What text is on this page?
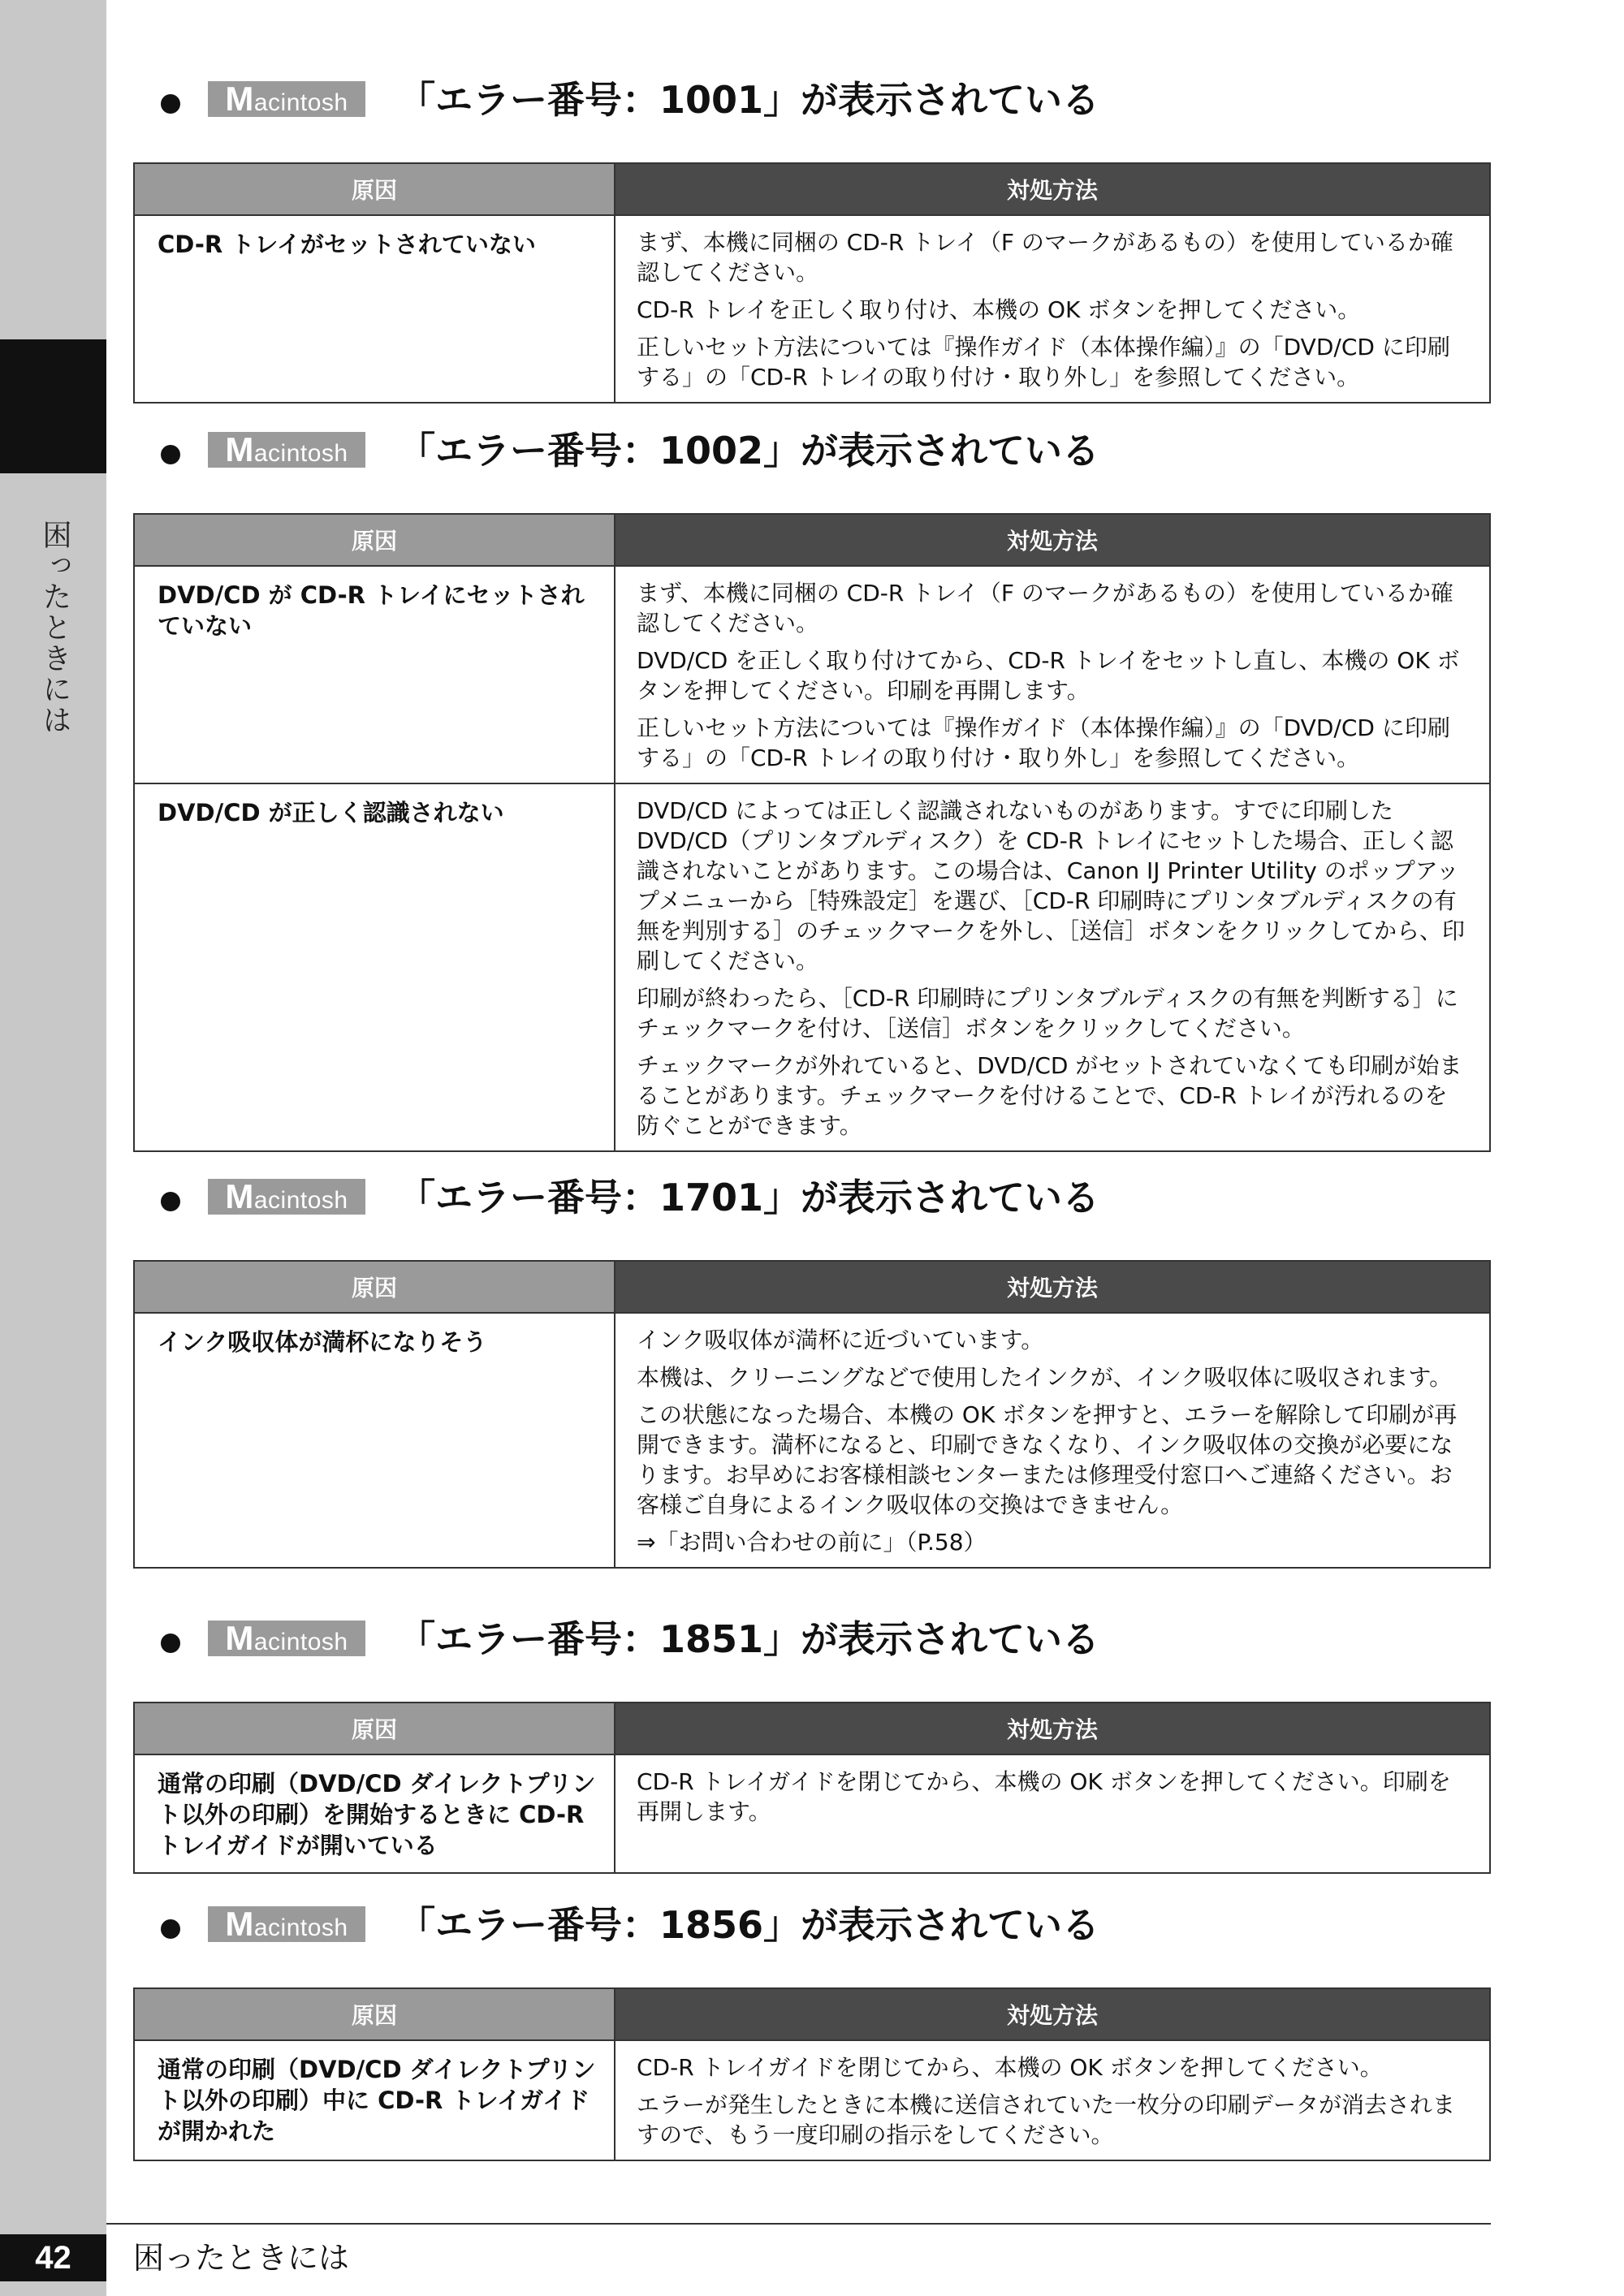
困ったときには
Macintosh	「エラー番号：1001」が表示されている
原因	対処方法
CD-R トレイがセットされていない	まず、本機に同梱の CD-R トレイ（F のマークがあるもの）を使用しているか確認してください。

CD-R トレイを正しく取り付け、本機の OK ボタンを押してください。

正しいセット方法については『操作ガイド（本体操作編）』の「DVD/CD に印刷する」の「CD-R トレイの取り付け・取り外し」を参照してください。

Macintosh	「エラー番号：1002」が表示されている
原因	対処方法
DVD/CD が CD-R トレイにセットされていない	まず、本機に同梱の CD-R トレイ（F のマークがあるもの）を使用しているか確認してください。

DVD/CD を正しく取り付けてから、CD-R トレイをセットし直し、本機の OK ボタンを押してください。印刷を再開します。

正しいセット方法については『操作ガイド（本体操作編）』の「DVD/CD に印刷する」の「CD-R トレイの取り付け・取り外し」を参照してください。

DVD/CD が正しく認識されない	DVD/CD によっては正しく認識されないものがあります。すでに印刷した DVD/CD（プリンタブルディスク）を CD-R トレイにセットした場合、正しく認識されないことがあります。この場合は、Canon IJ Printer Utility のポップアップメニューから［特殊設定］を選び、［CD-R 印刷時にプリンタブルディスクの有無を判別する］のチェックマークを外し、［送信］ボタンをクリックしてから、印刷してください。

印刷が終わったら、［CD-R 印刷時にプリンタブルディスクの有無を判断する］にチェックマークを付け、［送信］ボタンをクリックしてください。

チェックマークが外れていると、DVD/CD がセットされていなくても印刷が始まることがあります。チェックマークを付けることで、CD-R トレイが汚れるのを防ぐことができます。

Macintosh	「エラー番号：1701」が表示されている
原因	対処方法
インク吸収体が満杯になりそう	インク吸収体が満杯に近づいています。

本機は、クリーニングなどで使用したインクが、インク吸収体に吸収されます。

この状態になった場合、本機の OK ボタンを押すと、エラーを解除して印刷が再開できます。満杯になると、印刷できなくなり、インク吸収体の交換が必要になります。お早めにお客様相談センターまたは修理受付窓口へご連絡ください。お客様ご自身によるインク吸収体の交換はできません。

⇒「お問い合わせの前に」（P.58）

Macintosh	「エラー番号：1851」が表示されている
原因	対処方法
通常の印刷（DVD/CD ダイレクトプリント以外の印刷）を開始するときに CD-R トレイガイドが開いている	CD-R トレイガイドを閉じてから、本機の OK ボタンを押してください。印刷を再開します。

Macintosh	「エラー番号：1856」が表示されている
原因	対処方法
通常の印刷（DVD/CD ダイレクトプリント以外の印刷）中に CD-R トレイガイドが開かれた	CD-R トレイガイドを閉じてから、本機の OK ボタンを押してください。

エラーが発生したときに本機に送信されていた一枚分の印刷データが消去されますので、もう一度印刷の指示をしてください。

42	困ったときには
